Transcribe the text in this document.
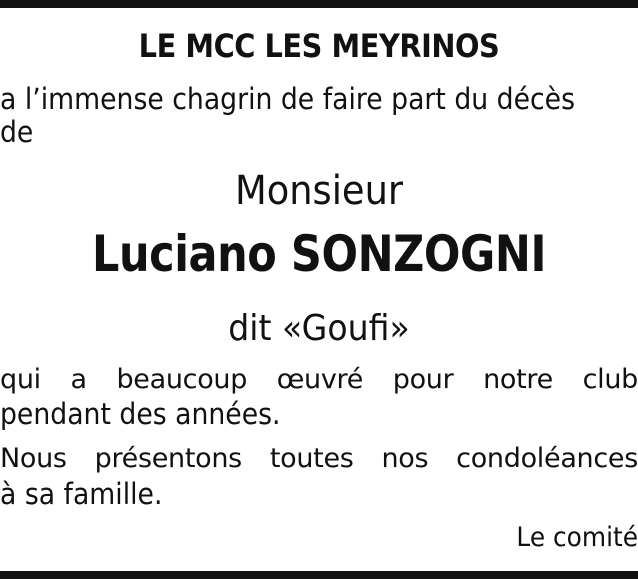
LE MCC LES MEYRINOS
a l’immense chagrin de faire part du décès
de
Monsieur
Luciano SONZOGNI
dit «Goufi»
qui a beaucoup œuvré pour notre club
pendant des années.
Nous présentons toutes nos condoléances
à sa famille.
Le comité
